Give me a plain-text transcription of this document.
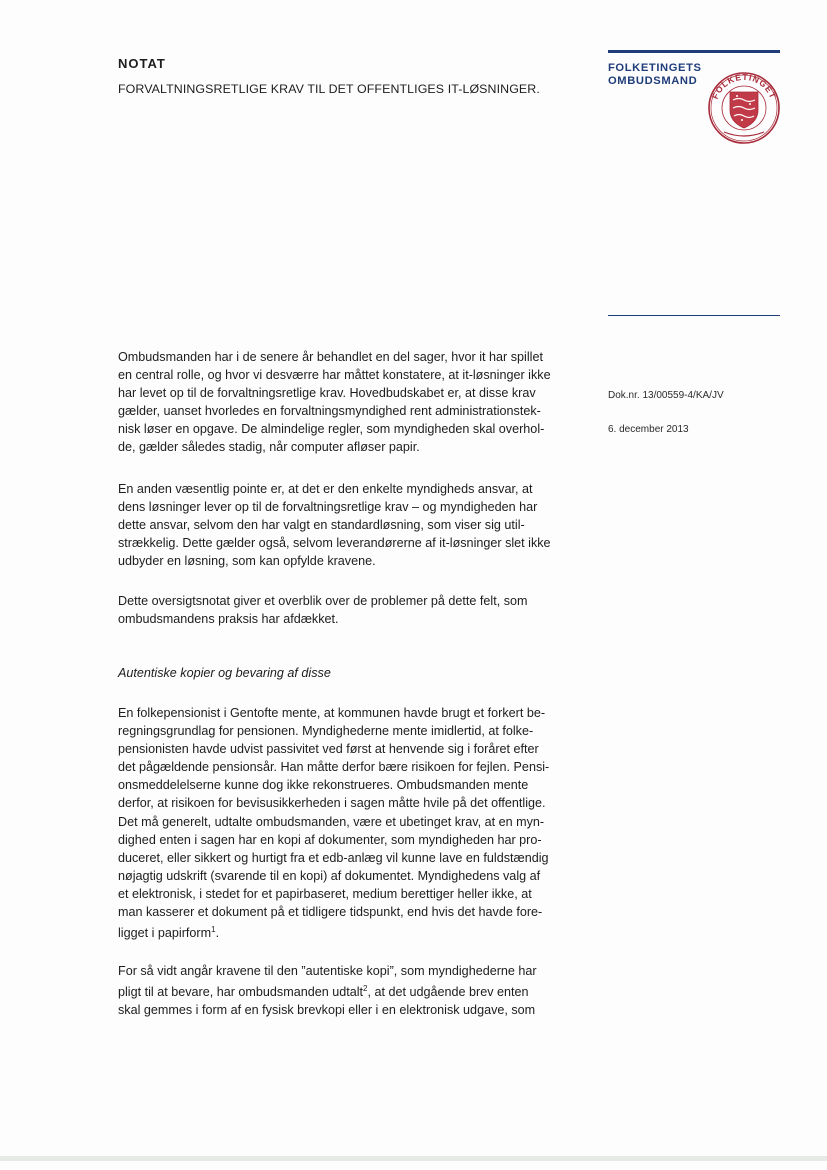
NOTAT
FORVALTNINGSRETLIGE KRAV TIL DET OFFENTLIGES IT-LØSNINGER.
FOLKETINGETS
OMBUDSMAND
FOLKETINGET
Dok.nr. 13/00559-4/KA/JV
6. december 2013
Ombudsmanden har i de senere år behandlet en del sager, hvor it har spillet
en central rolle, og hvor vi desværre har måttet konstatere, at it-løsninger ikke
har levet op til de forvaltningsretlige krav. Hovedbudskabet er, at disse krav
gælder, uanset hvorledes en forvaltningsmyndighed rent administrationstek-
nisk løser en opgave. De almindelige regler, som myndigheden skal overhol-
de, gælder således stadig, når computer afløser papir.
En anden væsentlig pointe er, at det er den enkelte myndigheds ansvar, at
dens løsninger lever op til de forvaltningsretlige krav – og myndigheden har
dette ansvar, selvom den har valgt en standardløsning, som viser sig util-
strækkelig. Dette gælder også, selvom leverandørerne af it-løsninger slet ikke
udbyder en løsning, som kan opfylde kravene.
Dette oversigtsnotat giver et overblik over de problemer på dette felt, som
ombudsmandens praksis har afdækket.
Autentiske kopier og bevaring af disse
En folkepensionist i Gentofte mente, at kommunen havde brugt et forkert be-
regningsgrundlag for pensionen. Myndighederne mente imidlertid, at folke-
pensionisten havde udvist passivitet ved først at henvende sig i foråret efter
det pågældende pensionsår. Han måtte derfor bære risikoen for fejlen. Pensi-
onsmeddelelserne kunne dog ikke rekonstrueres. Ombudsmanden mente
derfor, at risikoen for bevisusikkerheden i sagen måtte hvile på det offentlige.
Det må generelt, udtalte ombudsmanden, være et ubetinget krav, at en myn-
dighed enten i sagen har en kopi af dokumenter, som myndigheden har pro-
duceret, eller sikkert og hurtigt fra et edb-anlæg vil kunne lave en fuldstændig
nøjagtig udskrift (svarende til en kopi) af dokumentet. Myndighedens valg af
et elektronisk, i stedet for et papirbaseret, medium berettiger heller ikke, at
man kasserer et dokument på et tidligere tidspunkt, end hvis det havde fore-
ligget i papirform$^1$.
For så vidt angår kravene til den ”autentiske kopi”, som myndighederne har
pligt til at bevare, har ombudsmanden udtalt$^2$, at det udgående brev enten
skal gemmes i form af en fysisk brevkopi eller i en elektronisk udgave, som
